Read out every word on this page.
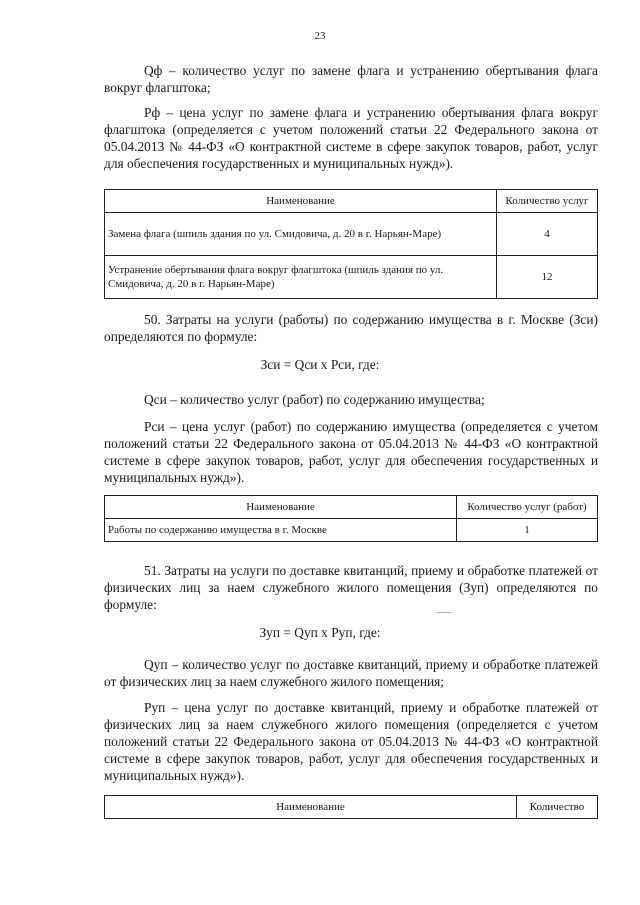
23
Qф – количество услуг по замене флага и устранению обертывания флага вокруг флагштока;
Pф – цена услуг по замене флага и устранению обертывания флага вокруг флагштока (определяется с учетом положений статьи 22 Федерального закона от 05.04.2013 № 44-ФЗ «О контрактной системе в сфере закупок товаров, работ, услуг для обеспечения государственных и муниципальных нужд»).
Наименование	Количество услуг
Замена флага (шпиль здания по ул. Смидовича, д. 20 в г. Нарьян-Маре)	4
Устранение обертывания флага вокруг флагштока (шпиль здания по ул. Смидовича, д. 20 в г. Нарьян-Маре)	12
50. Затраты на услуги (работы) по содержанию имущества в г. Москве (Зси) определяются по формуле:
Зси = Qси x Pси, где:
Qси – количество услуг (работ) по содержанию имущества;
Pси – цена услуг (работ) по содержанию имущества (определяется с учетом положений статьи 22 Федерального закона от 05.04.2013 № 44-ФЗ «О контрактной системе в сфере закупок товаров, работ, услуг для обеспечения государственных и муниципальных нужд»).
Наименование	Количество услуг (работ)
Работы по содержанию имущества в г. Москве	1
51. Затраты на услуги по доставке квитанций, приему и обработке платежей от физических лиц за наем служебного жилого помещения (Зуп) определяются по формуле:
Зуп = Qуп x Pуп, где:
Qуп – количество услуг по доставке квитанций, приему и обработке платежей от физических лиц за наем служебного жилого помещения;
Pуп – цена услуг по доставке квитанций, приему и обработке платежей от физических лиц за наем служебного жилого помещения (определяется с учетом положений статьи 22 Федерального закона от 05.04.2013 № 44-ФЗ «О контрактной системе в сфере закупок товаров, работ, услуг для обеспечения государственных и муниципальных нужд»).
Наименование	Количество
